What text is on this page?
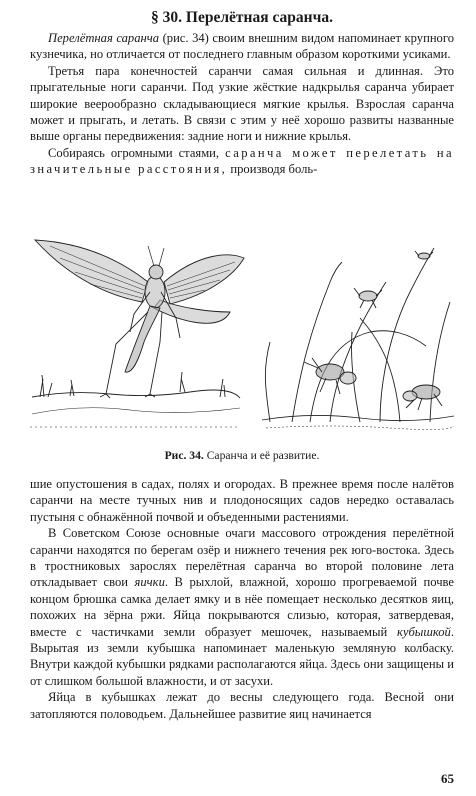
§ 30. Перелётная саранча.

Перелётная саранча (рис. 34) своим внешним видом напоминает крупного кузнечика, но отличается от последнего главным образом короткими усиками.

Третья пара конечностей саранчи самая сильная и длинная. Это прыгательные ноги саранчи. Под узкие жёсткие надкрылья саранча убирает широкие веерообразно складывающиеся мягкие крылья. Взрослая саранча может и прыгать, и летать. В связи с этим у неё хорошо развиты названные выше органы передвижения: задние ноги и нижние крылья.

Собираясь огромными стаями, саранча может перелетать на значительные расстояния, производя боль-

Рис. 34. Саранча и её развитие.

шие опустошения в садах, полях и огородах. В прежнее время после налётов саранчи на месте тучных нив и плодоносящих садов нередко оставалась пустыня с обнажённой почвой и объеденными растениями.

В Советском Союзе основные очаги массового отрождения перелётной саранчи находятся по берегам озёр и нижнего течения рек юго-востока. Здесь в тростниковых зарослях перелётная саранча во второй половине лета откладывает свои яички. В рыхлой, влажной, хорошо прогреваемой почве концом брюшка самка делает ямку и в нёе помещает несколько десятков яиц, похожих на зёрна ржи. Яйца покрываются слизью, которая, затвердевая, вместе с частичками земли образует мешочек, называемый кубышкой. Вырытая из земли кубышка напоминает маленькую земляную колбаску. Внутри каждой кубышки рядками располагаются яйца. Здесь они защищены и от слишком большой влажности, и от засухи.

Яйца в кубышках лежат до весны следующего года. Весной они затопляются половодьем. Дальнейшее развитие яиц начинается

65
